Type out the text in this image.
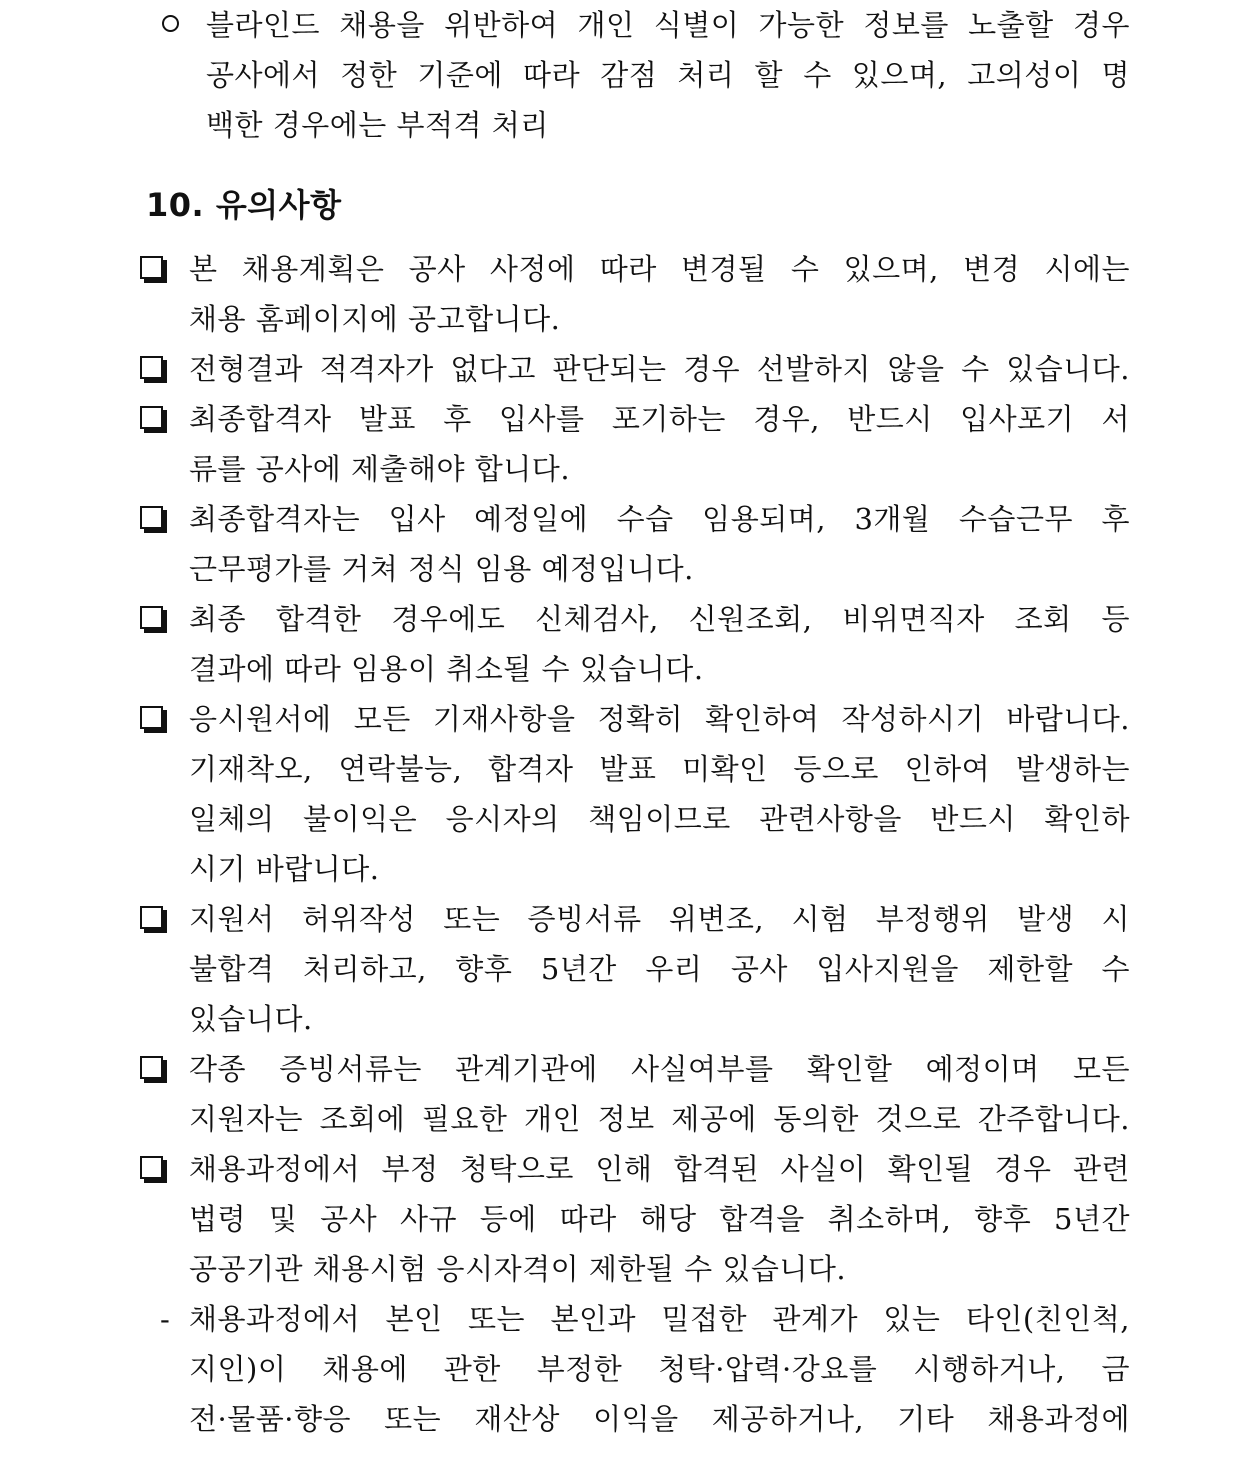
블라인드 채용을 위반하여 개인 식별이 가능한 정보를 노출할 경우
공사에서 정한 기준에 따라 감점 처리 할 수 있으며, 고의성이 명
백한 경우에는 부적격 처리
10. 유의사항
본 채용계획은 공사 사정에 따라 변경될 수 있으며, 변경 시에는
채용 홈페이지에 공고합니다.
전형결과 적격자가 없다고 판단되는 경우 선발하지 않을 수 있습니다.
최종합격자 발표 후 입사를 포기하는 경우, 반드시 입사포기 서
류를 공사에 제출해야 합니다.
최종합격자는 입사 예정일에 수습 임용되며, 3개월 수습근무 후
근무평가를 거쳐 정식 임용 예정입니다.
최종 합격한 경우에도 신체검사, 신원조회, 비위면직자 조회 등
결과에 따라 임용이 취소될 수 있습니다.
응시원서에 모든 기재사항을 정확히 확인하여 작성하시기 바랍니다.
기재착오, 연락불능, 합격자 발표 미확인 등으로 인하여 발생하는
일체의 불이익은 응시자의 책임이므로 관련사항을 반드시 확인하
시기 바랍니다.
지원서 허위작성 또는 증빙서류 위변조, 시험 부정행위 발생 시
불합격 처리하고, 향후 5년간 우리 공사 입사지원을 제한할 수
있습니다.
각종 증빙서류는 관계기관에 사실여부를 확인할 예정이며 모든
지원자는 조회에 필요한 개인 정보 제공에 동의한 것으로 간주합니다.
채용과정에서 부정 청탁으로 인해 합격된 사실이 확인될 경우 관련
법령 및 공사 사규 등에 따라 해당 합격을 취소하며, 향후 5년간
공공기관 채용시험 응시자격이 제한될 수 있습니다.
- 채용과정에서 본인 또는 본인과 밀접한 관계가 있는 타인(친인척,
지인)이 채용에 관한 부정한 청탁·압력·강요를 시행하거나, 금
전·물품·향응 또는 재산상 이익을 제공하거나, 기타 채용과정에
